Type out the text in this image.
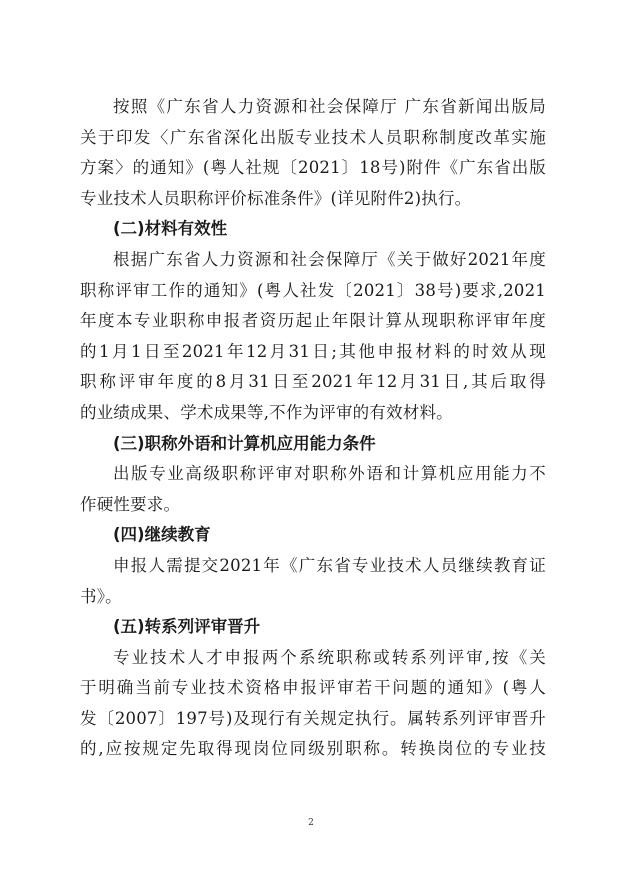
按照《广东省人力资源和社会保障厅 广东省新闻出版局
关于印发〈广东省深化出版专业技术人员职称制度改革实施
方案〉的通知》(粤人社规〔2021〕18号)附件《广东省出版
专业技术人员职称评价标准条件》(详见附件2)执行。
(二)材料有效性
根据广东省人力资源和社会保障厅《关于做好2021年度
职称评审工作的通知》(粤人社发〔2021〕38号)要求,2021
年度本专业职称申报者资历起止年限计算从现职称评审年度
的1月1日至2021年12月31日;其他申报材料的时效从现
职称评审年度的8月31日至2021年12月31日,其后取得
的业绩成果、学术成果等,不作为评审的有效材料。
(三)职称外语和计算机应用能力条件
出版专业高级职称评审对职称外语和计算机应用能力不
作硬性要求。
(四)继续教育
申报人需提交2021年《广东省专业技术人员继续教育证
书》。
(五)转系列评审晋升
专业技术人才申报两个系统职称或转系列评审,按《关
于明确当前专业技术资格申报评审若干问题的通知》(粤人
发〔2007〕197号)及现行有关规定执行。属转系列评审晋升
的,应按规定先取得现岗位同级别职称。转换岗位的专业技
2
